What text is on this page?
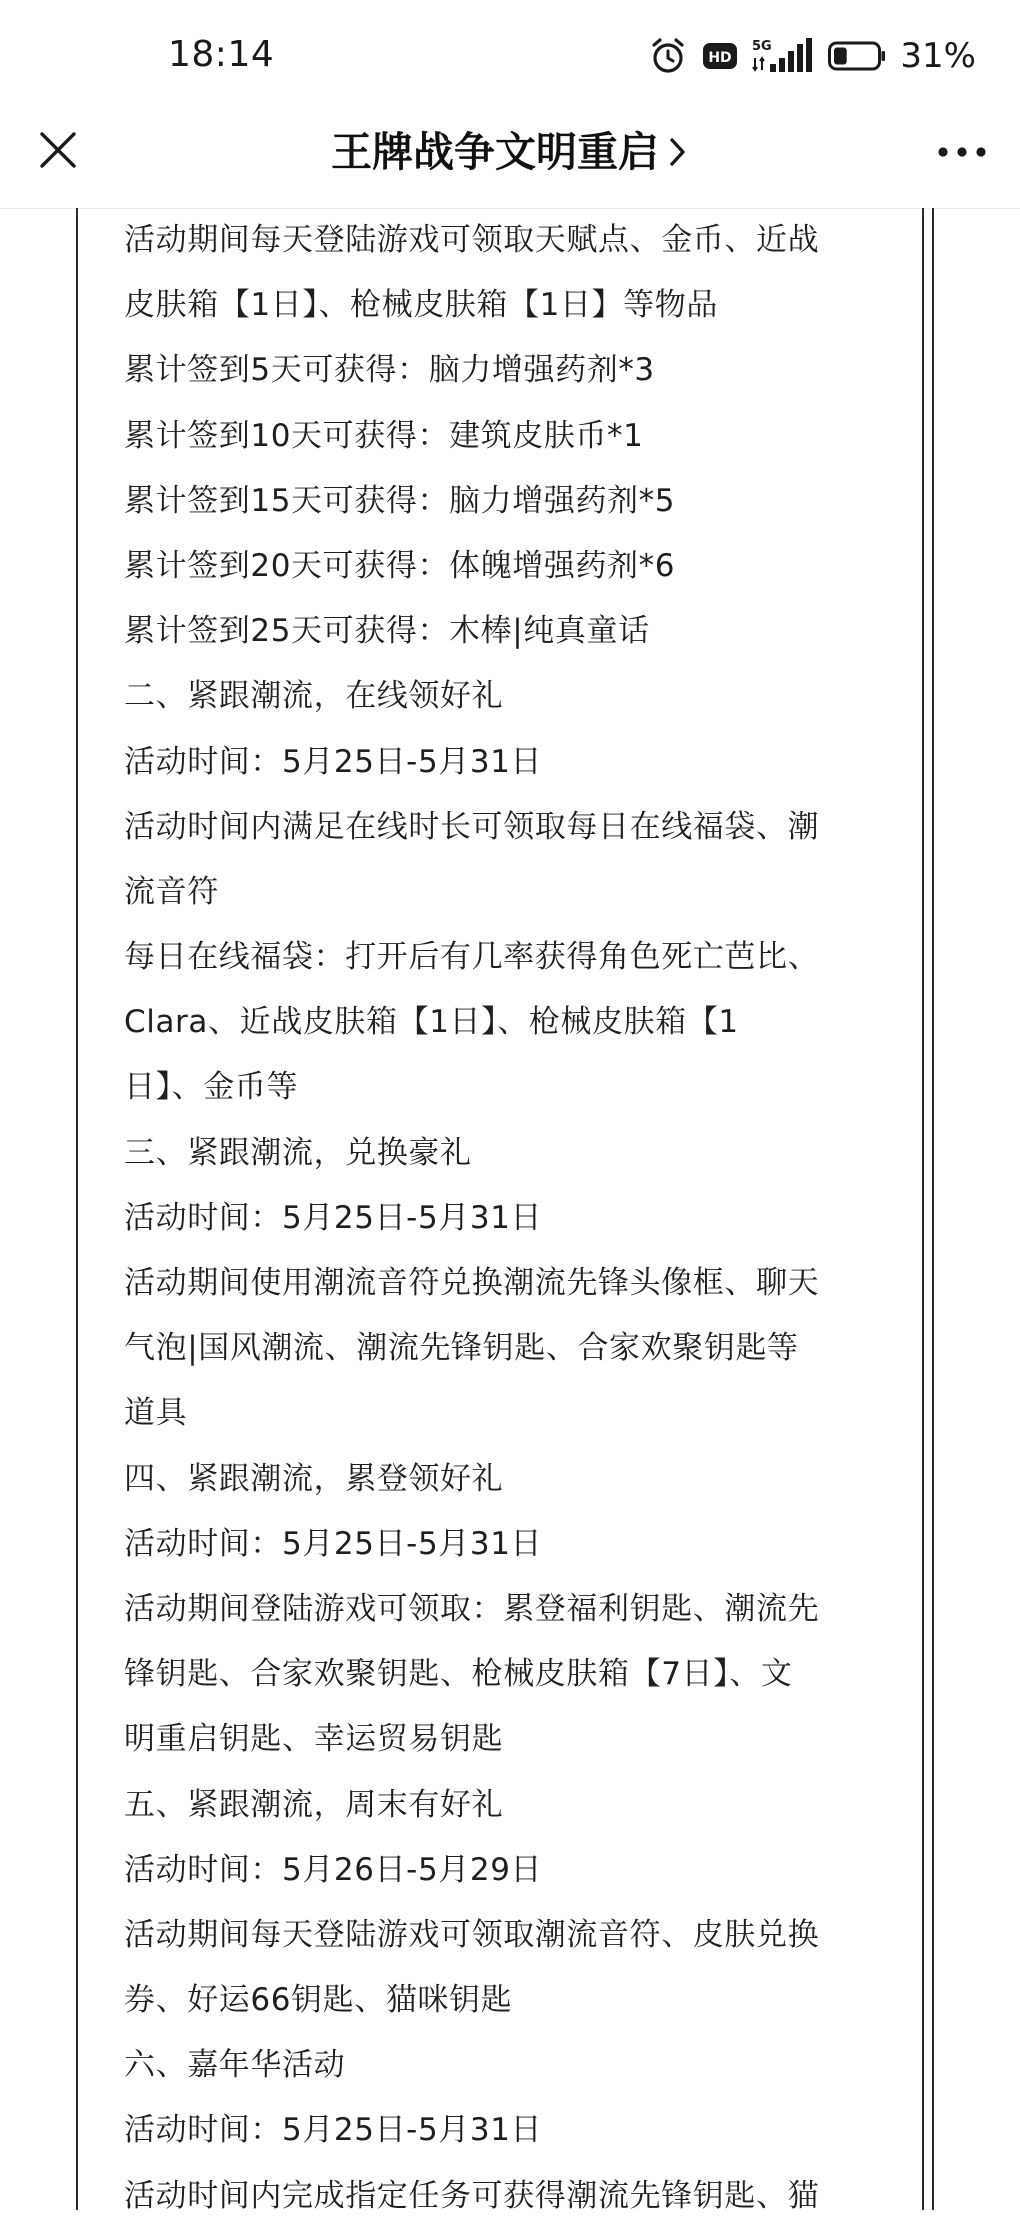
18:14	HD
5G	31%
王牌战争文明重启
活动期间每天登陆游戏可领取天赋点、金币、近战
皮肤箱【1日】、枪械皮肤箱【1日】等物品
累计签到5天可获得：脑力增强药剂*3
累计签到10天可获得：建筑皮肤币*1
累计签到15天可获得：脑力增强药剂*5
累计签到20天可获得：体魄增强药剂*6
累计签到25天可获得：木棒|纯真童话
二、紧跟潮流，在线领好礼
活动时间：5月25日-5月31日
活动时间内满足在线时长可领取每日在线福袋、潮
流音符
每日在线福袋：打开后有几率获得角色死亡芭比、
Clara、近战皮肤箱【1日】、枪械皮肤箱【1
日】、金币等
三、紧跟潮流，兑换豪礼
活动时间：5月25日-5月31日
活动期间使用潮流音符兑换潮流先锋头像框、聊天
气泡|国风潮流、潮流先锋钥匙、合家欢聚钥匙等
道具
四、紧跟潮流，累登领好礼
活动时间：5月25日-5月31日
活动期间登陆游戏可领取：累登福利钥匙、潮流先
锋钥匙、合家欢聚钥匙、枪械皮肤箱【7日】、文
明重启钥匙、幸运贸易钥匙
五、紧跟潮流，周末有好礼
活动时间：5月26日-5月29日
活动期间每天登陆游戏可领取潮流音符、皮肤兑换
券、好运66钥匙、猫咪钥匙
六、嘉年华活动
活动时间：5月25日-5月31日
活动时间内完成指定任务可获得潮流先锋钥匙、猫
